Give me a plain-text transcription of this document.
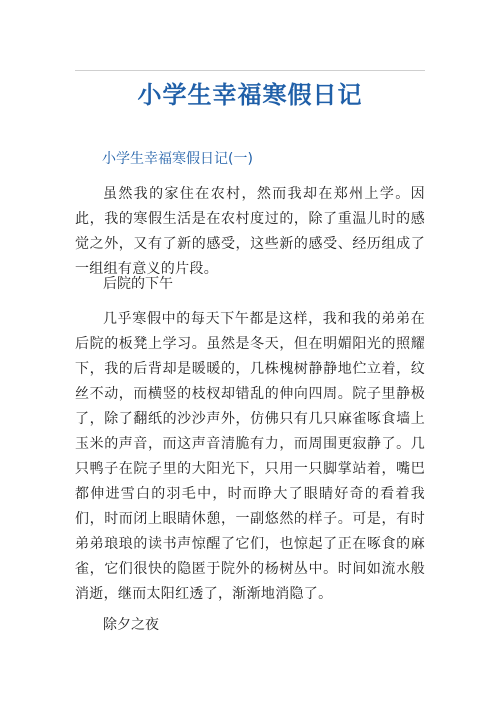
小学生幸福寒假日记
小学生幸福寒假日记(一)

虽然我的家住在农村，然而我却在郑州上学。因此，我的寒假生活是在农村度过的，除了重温儿时的感觉之外，又有了新的感受，这些新的感受、经历组成了一组组有意义的片段。

后院的下午

几乎寒假中的每天下午都是这样，我和我的弟弟在后院的板凳上学习。虽然是冬天，但在明媚阳光的照耀下，我的后背却是暖暖的，几株槐树静静地伫立着，纹丝不动，而横竖的枝杈却错乱的伸向四周。院子里静极了，除了翻纸的沙沙声外，仿佛只有几只麻雀啄食墙上玉米的声音，而这声音清脆有力，而周围更寂静了。几只鸭子在院子里的大阳光下，只用一只脚掌站着，嘴巴都伸进雪白的羽毛中，时而睁大了眼睛好奇的看着我们，时而闭上眼睛休憩，一副悠然的样子。可是，有时弟弟琅琅的读书声惊醒了它们，也惊起了正在啄食的麻雀，它们很快的隐匿于院外的杨树丛中。时间如流水般消逝，继而太阳红透了，渐渐地消隐了。

除夕之夜
